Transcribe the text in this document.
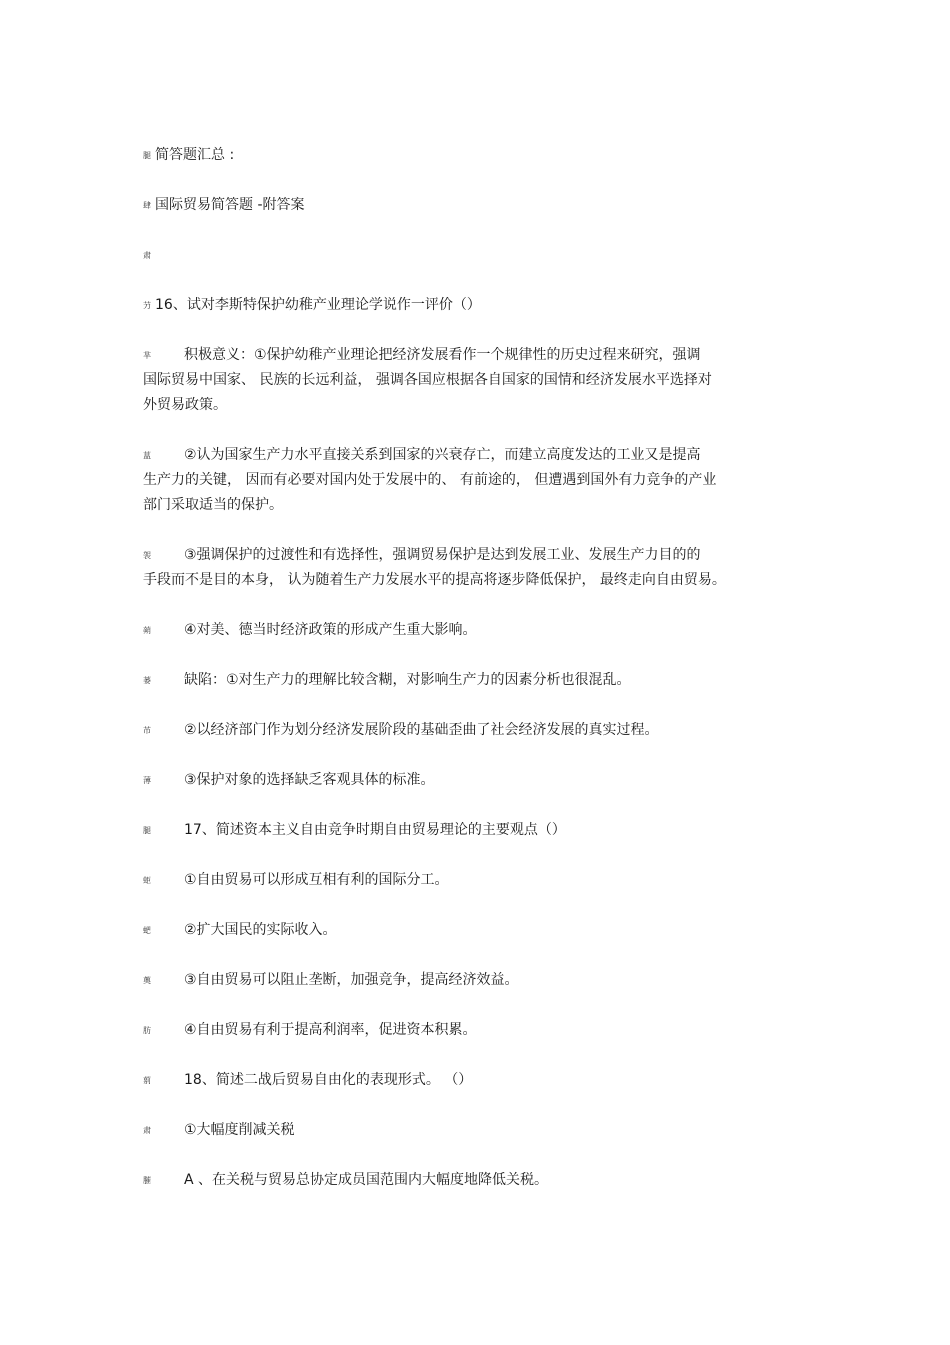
腿 简答题汇总 :
肆 国际贸易简答题 -附答案
肃
芀 16、试对李斯特保护幼稚产业理论学说作一评价（）
芈 积极意义：①保护幼稚产业理论把经济发展看作一个规律性的历史过程来研究，强调
国际贸易中国家、 民族的长远利益， 强调各国应根据各自国家的国情和经济发展水平选择对
外贸易政策。
蒀 ②认为国家生产力水平直接关系到国家的兴衰存亡，而建立高度发达的工业又是提高
生产力的关键， 因而有必要对国内处于发展中的、 有前途的， 但遭遇到国外有力竞争的产业
部门采取适当的保护。
袈 ③强调保护的过渡性和有选择性，强调贸易保护是达到发展工业、发展生产力目的的
手段而不是目的本身， 认为随着生产力发展水平的提高将逐步降低保护， 最终走向自由贸易。
蒴 ④对美、德当时经济政策的形成产生重大影响。
蒌 缺陷：①对生产力的理解比较含糊，对影响生产力的因素分析也很混乱。
芇 ②以经济部门作为划分经济发展阶段的基础歪曲了社会经济发展的真实过程。
薄 ③保护对象的选择缺乏客观具体的标准。
腿 17、简述资本主义自由竞争时期自由贸易理论的主要观点（）
蚷 ①自由贸易可以形成互相有利的国际分工。
蚆 ②扩大国民的实际收入。
薁 ③自由贸易可以阻止垄断，加强竞争，提高经济效益。
肪 ④自由贸易有利于提高利润率，促进资本积累。
莂 18、简述二战后贸易自由化的表现形式。 （）
肃 ①大幅度削减关税
膗 A 、在关税与贸易总协定成员国范围内大幅度地降低关税。
